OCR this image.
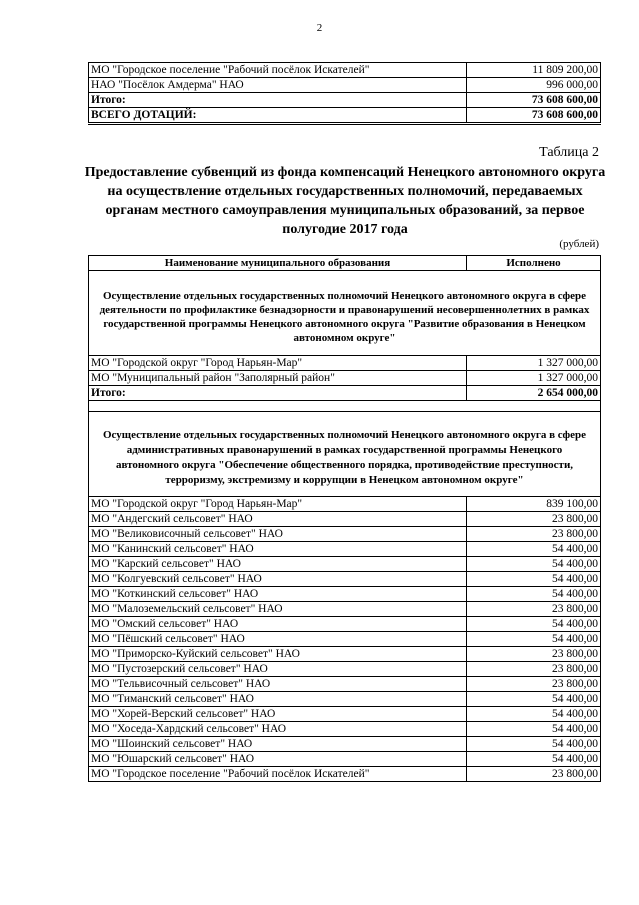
2
МО "Городское поселение "Рабочий посёлок Искателей"	11 809 200,00
НАО "Посёлок Амдерма" НАО	996 000,00
Итого:	73 608 600,00
ВСЕГО ДОТАЦИЙ:	73 608 600,00
Таблица 2
Предоставление субвенций из фонда компенсаций Ненецкого автономного округа на осуществление отдельных государственных полномочий, передаваемых органам местного самоуправления муниципальных образований, за первое полугодие 2017 года
(рублей)
Наименование муниципального образования	Исполнено
Осуществление отдельных государственных полномочий Ненецкого автономного округа в сфере деятельности по профилактике безнадзорности и правонарушений несовершеннолетних в рамках государственной программы Ненецкого автономного округа "Развитие образования в Ненецком автономном округе"	
МО "Городской округ "Город Нарьян-Мар"	1 327 000,00
МО "Муниципальный район "Заполярный район"	1 327 000,00
Итого:	2 654 000,00

Осуществление отдельных государственных полномочий Ненецкого автономного округа в сфере административных правонарушений в рамках государственной программы Ненецкого автономного округа "Обеспечение общественного порядка, противодействие преступности, терроризму, экстремизму и коррупции в Ненецком автономном округе"	
МО "Городской округ "Город Нарьян-Мар"	839 100,00
МО "Андегский сельсовет" НАО	23 800,00
МО "Великовисочный сельсовет" НАО	23 800,00
МО "Канинский сельсовет" НАО	54 400,00
МО "Карский сельсовет" НАО	54 400,00
МО "Колгуевский сельсовет" НАО	54 400,00
МО "Коткинский сельсовет" НАО	54 400,00
МО "Малоземельский сельсовет" НАО	23 800,00
МО "Омский сельсовет" НАО	54 400,00
МО "Пёшский сельсовет" НАО	54 400,00
МО "Приморско-Куйский сельсовет" НАО	23 800,00
МО "Пустозерский сельсовет" НАО	23 800,00
МО "Тельвисочный сельсовет" НАО	23 800,00
МО "Тиманский сельсовет" НАО	54 400,00
МО "Хорей-Верский сельсовет" НАО	54 400,00
МО "Хоседа-Хардский сельсовет" НАО	54 400,00
МО "Шоинский сельсовет" НАО	54 400,00
МО "Юшарский сельсовет" НАО	54 400,00
МО "Городское поселение "Рабочий посёлок Искателей"	23 800,00
